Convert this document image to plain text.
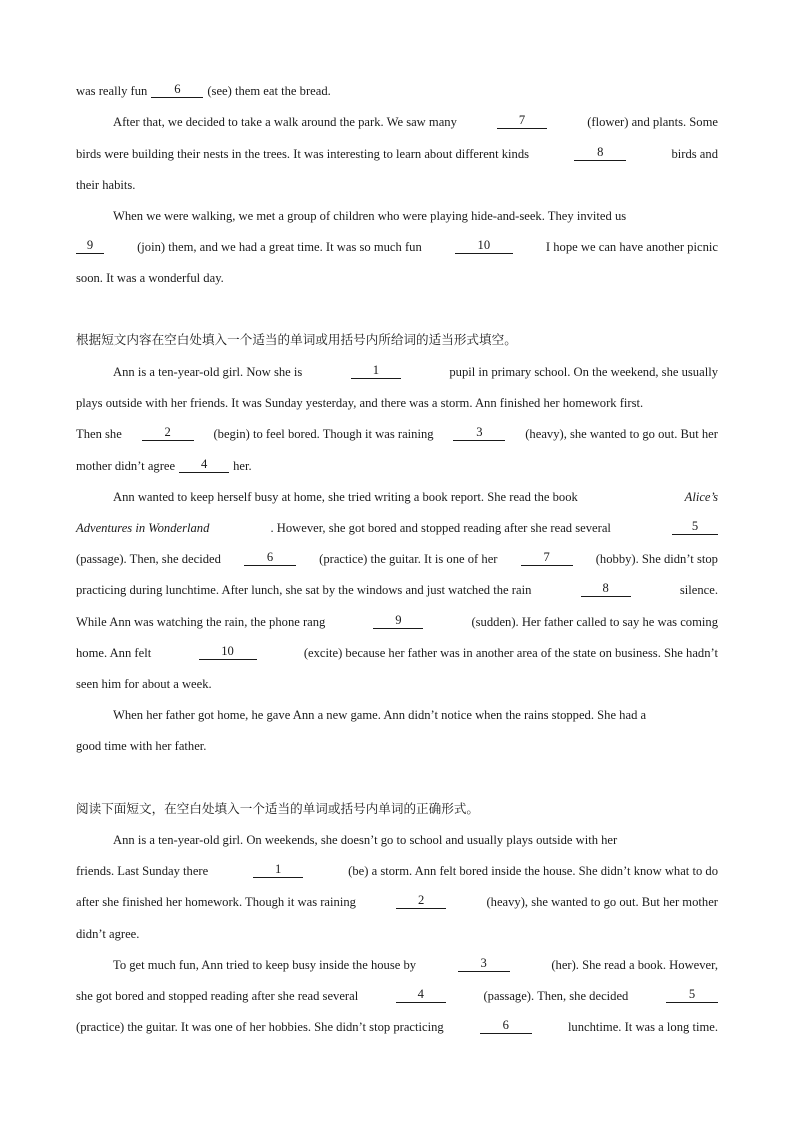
was really fun	6	(see) them eat the bread.
After that, we decided to take a walk around the park. We saw many	7	(flower) and plants. Some
birds were building their nests in the trees. It was interesting to learn about different kinds	8	birds and
their habits.
When we were walking, we met a group of children who were playing hide-and-seek. They invited us
9	(join) them, and we had a great time. It was so much fun	10	I hope we can have another picnic
soon. It was a wonderful day.
根据短文内容在空白处填入一个适当的单词或用括号内所给词的适当形式填空。
Ann is a ten-year-old girl. Now she is	1	pupil in primary school. On the weekend, she usually
plays outside with her friends. It was Sunday yesterday, and there was a storm. Ann finished her homework first.
Then she	2	(begin) to feel bored. Though it was raining	3	(heavy), she wanted to go out. But her
mother didn’t agree	4	her.
Ann wanted to keep herself busy at home, she tried writing a book report. She read the book	Alice’s
Adventures in Wonderland	. However, she got bored and stopped reading after she read several	5
(passage). Then, she decided	6	(practice) the guitar. It is one of her	7	(hobby). She didn’t stop
practicing during lunchtime. After lunch, she sat by the windows and just watched the rain	8	silence.
While Ann was watching the rain, the phone rang	9	(sudden). Her father called to say he was coming
home. Ann felt	10	(excite) because her father was in another area of the state on business. She hadn’t
seen him for about a week.
When her father got home, he gave Ann a new game. Ann didn’t notice when the rains stopped. She had a
good time with her father.
阅读下面短文，在空白处填入一个适当的单词或括号内单词的正确形式。
Ann is a ten-year-old girl. On weekends, she doesn’t go to school and usually plays outside with her
friends. Last Sunday there	1	(be) a storm. Ann felt bored inside the house. She didn’t know what to do
after she finished her homework. Though it was raining	2	(heavy), she wanted to go out. But her mother
didn’t agree.
To get much fun, Ann tried to keep busy inside the house by	3	(her). She read a book. However,
she got bored and stopped reading after she read several	4	(passage). Then, she decided	5
(practice) the guitar. It was one of her hobbies. She didn’t stop practicing	6	lunchtime. It was a long time.
